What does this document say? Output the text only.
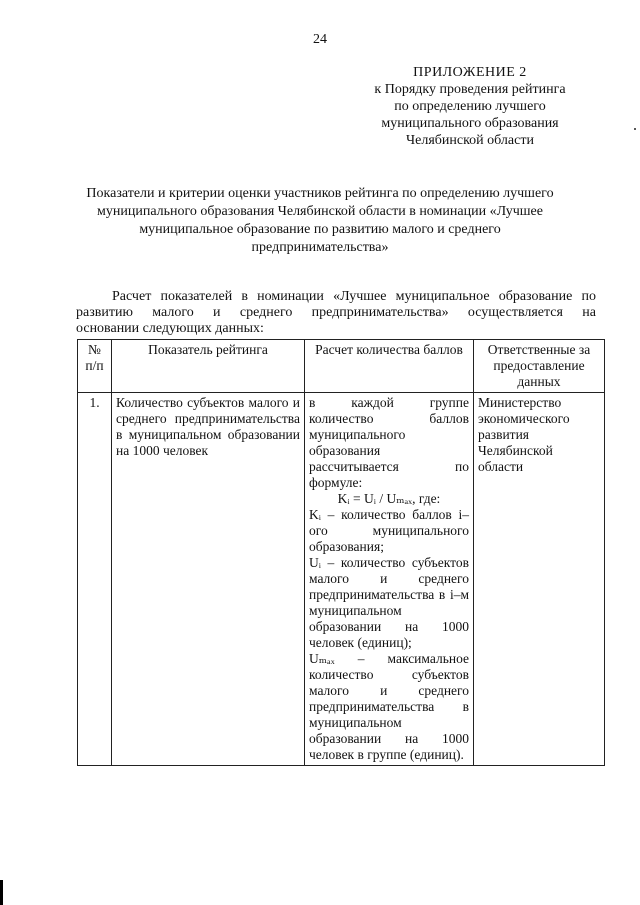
24
ПРИЛОЖЕНИЕ 2
к Порядку проведения рейтинга
по определению лучшего
муниципального образования
Челябинской области
Показатели и критерии оценки участников рейтинга по определению лучшего
муниципального образования Челябинской области в номинации «Лучшее
муниципальное образование по развитию малого и среднего
предпринимательства»
Расчет показателей в номинации «Лучшее муниципальное образование по развитию малого и среднего предпринимательства» осуществляется на
основании следующих данных:
№ п/п	Показатель рейтинга	Расчет количества баллов	Ответственные за предоставление данных
1.	Количество субъектов малого и среднего предпринимательства в муниципальном образовании на 1000 человек	в каждой группе количество баллов муниципального образования рассчитывается по формуле:
Kᵢ = Uᵢ / Uₘₐₓ, где:
Kᵢ – количество баллов i–ого муниципального образования;
Uᵢ – количество субъектов малого и среднего предпринимательства в i–м муниципальном образовании на 1000 человек (единиц);
Uₘₐₓ – максимальное количество субъектов малого и среднего предпринимательства в муниципальном образовании на 1000 человек в группе (единиц).	Министерство экономического развития Челябинской области
